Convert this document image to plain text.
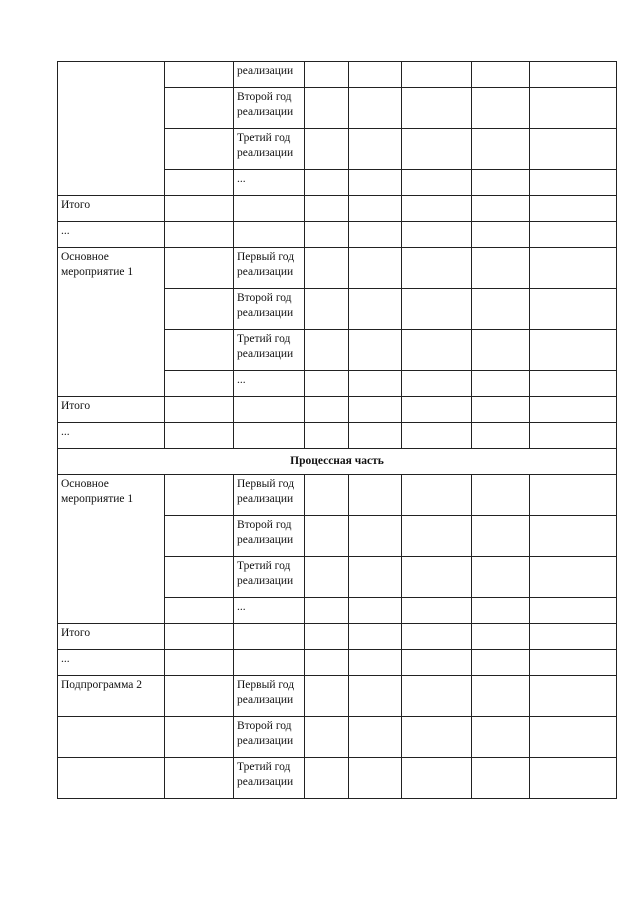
		реализации					
		Второй год реализации					
		Третий год реализации					
		...					
Итого							
...							
Основное мероприятие 1		Первый год реализации					
		Второй год реализации					
		Третий год реализации					
		...					
Итого							
...							
Процессная часть							
Основное мероприятие 1		Первый год реализации					
		Второй год реализации					
		Третий год реализации					
		...					
Итого							
...							
Подпрограмма 2		Первый год реализации					
		Второй год реализации					
		Третий год реализации					
